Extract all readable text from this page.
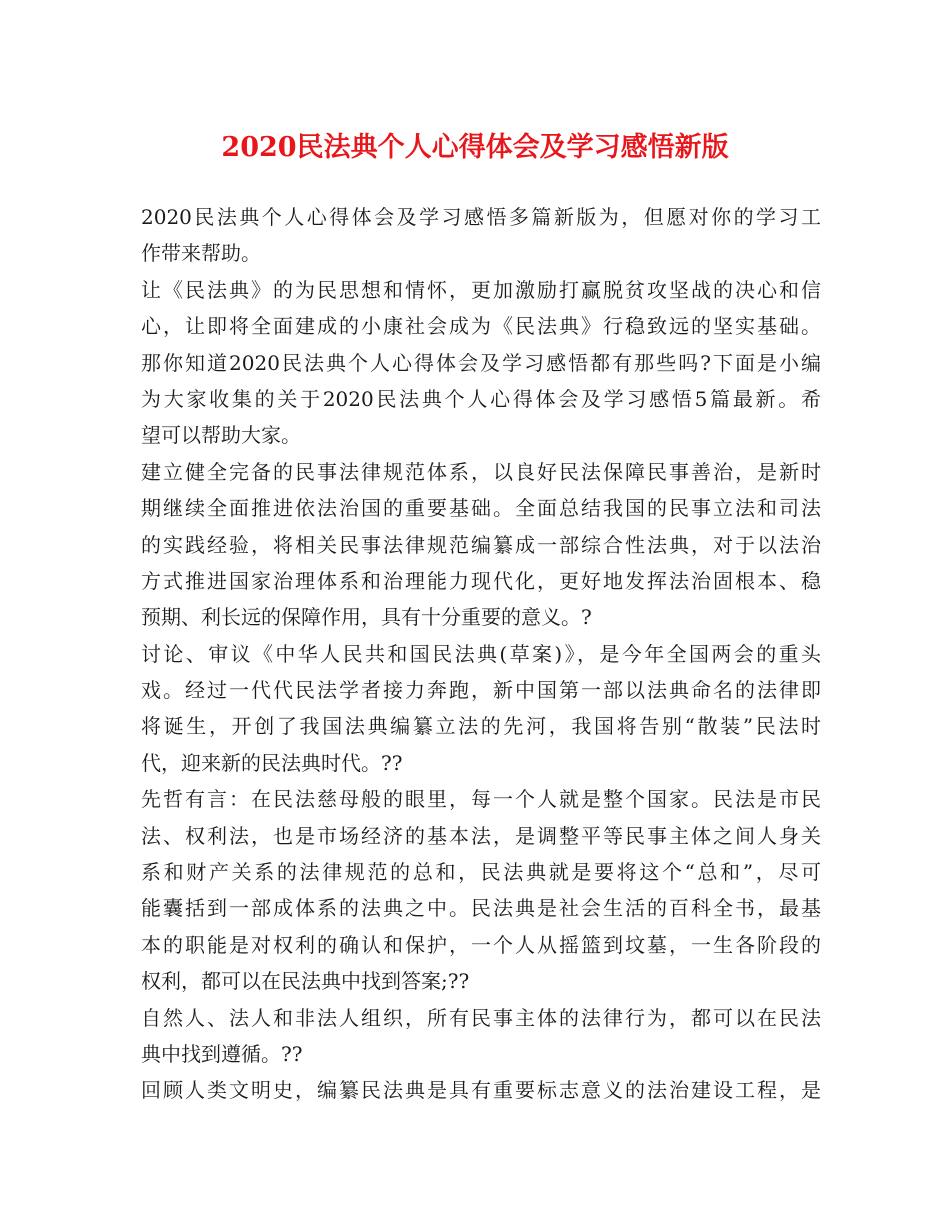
2020民法典个人心得体会及学习感悟新版
2020民法典个人心得体会及学习感悟多篇新版为，但愿对你的学习工
作带来帮助。
让《民法典》的为民思想和情怀，更加激励打赢脱贫攻坚战的决心和信
心，让即将全面建成的小康社会成为《民法典》行稳致远的坚实基础。
那你知道2020民法典个人心得体会及学习感悟都有那些吗?下面是小编
为大家收集的关于2020民法典个人心得体会及学习感悟5篇最新。希
望可以帮助大家。
建立健全完备的民事法律规范体系，以良好民法保障民事善治，是新时
期继续全面推进依法治国的重要基础。全面总结我国的民事立法和司法
的实践经验，将相关民事法律规范编纂成一部综合性法典，对于以法治
方式推进国家治理体系和治理能力现代化，更好地发挥法治固根本、稳
预期、利长远的保障作用，具有十分重要的意义。?
讨论、审议《中华人民共和国民法典(草案)》，是今年全国两会的重头
戏。经过一代代民法学者接力奔跑，新中国第一部以法典命名的法律即
将诞生，开创了我国法典编纂立法的先河，我国将告别“散装”民法时
代，迎来新的民法典时代。??
先哲有言：在民法慈母般的眼里，每一个人就是整个国家。民法是市民
法、权利法，也是市场经济的基本法，是调整平等民事主体之间人身关
系和财产关系的法律规范的总和，民法典就是要将这个“总和”，尽可
能囊括到一部成体系的法典之中。民法典是社会生活的百科全书，最基
本的职能是对权利的确认和保护，一个人从摇篮到坟墓，一生各阶段的
权利，都可以在民法典中找到答案;??
自然人、法人和非法人组织，所有民事主体的法律行为，都可以在民法
典中找到遵循。??
回顾人类文明史，编纂民法典是具有重要标志意义的法治建设工程，是
